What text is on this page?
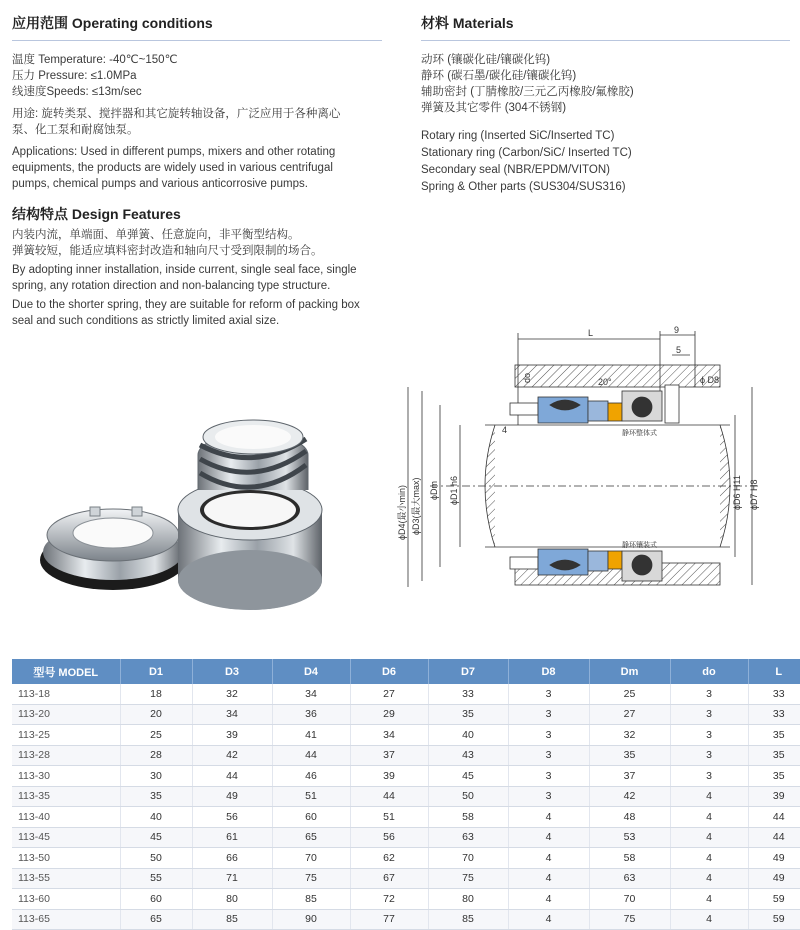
应用范围 Operating conditions

温度 Temperature: -40℃~150℃
压力 Pressure: ≤1.0MPa
线速度Speeds: ≤13m/sec

用途: 旋转类泵、搅拌器和其它旋转轴设备，广泛应用于各种离心
泵、化工泵和耐腐蚀泵。

Applications: Used in different pumps, mixers and other rotating
equipments, the products are widely used in various centrifugal
pumps, chemical pumps and various anticorrosive pumps.

结构特点 Design Features

内装内流，单端面、单弹簧、任意旋向，非平衡型结构。
弹簧较短，能适应填料密封改造和轴向尺寸受到限制的场合。

By adopting inner installation, inside current, single seal face, single
spring, any rotation direction and non-balancing type structure.

Due to the shorter spring, they are suitable for reform of packing box
seal and such conditions as strictly limited axial size.

材料 Materials

动环 (镶碳化硅/镶碳化钨)
静环 (碳石墨/碳化硅/镶碳化钨)
辅助密封 (丁腈橡胶/三元乙丙橡胶/氟橡胶)
弹簧及其它零件 (304不锈钢)

Rotary ring (Inserted SiC/Inserted TC)
Stationary ring (Carbon/SiC/ Inserted TC)
Secondary seal (NBR/EPDM/VITON)
Spring & Other parts (SUS304/SUS316)

L	9
5
do	20°	ϕ D8
4
ϕD4(最小min) ϕD3(最大max) ϕDm ϕD1 h6	ϕD6 H11 ϕD7 H8
静环整体式
静环镶装式
型号 MODEL	D1	D3	D4	D6	D7	D8	Dm	do	L
113-18	18	32	34	27	33	3	25	3	33
113-20	20	34	36	29	35	3	27	3	33
113-25	25	39	41	34	40	3	32	3	35
113-28	28	42	44	37	43	3	35	3	35
113-30	30	44	46	39	45	3	37	3	35
113-35	35	49	51	44	50	3	42	4	39
113-40	40	56	60	51	58	4	48	4	44
113-45	45	61	65	56	63	4	53	4	44
113-50	50	66	70	62	70	4	58	4	49
113-55	55	71	75	67	75	4	63	4	49
113-60	60	80	85	72	80	4	70	4	59
113-65	65	85	90	77	85	4	75	4	59
